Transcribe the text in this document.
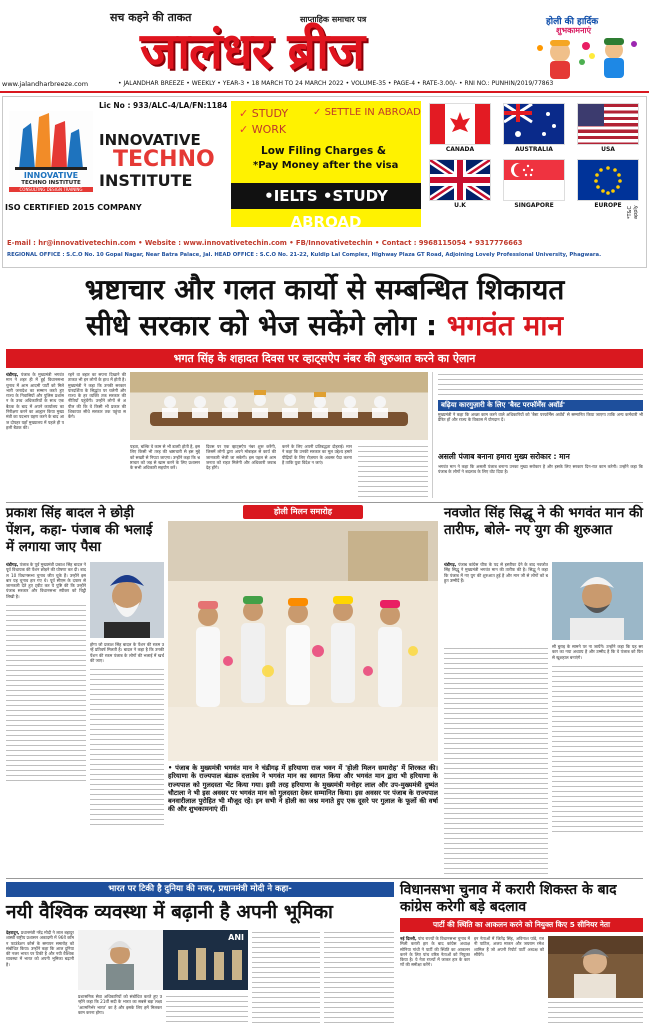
सच कहने की ताकत	साप्ताहिक समाचार पत्र
जालंधर ब्रीज	होली की हार्दिक
शुभकामनाएं
www.jalandharbreeze.com	• JALANDHAR BREEZE • WEEKLY • YEAR-3 • 18 MARCH TO 24 MARCH 2022 • VOLUME-35 • PAGE-4 • RATE-3.00/- • RNI NO.: PUNHIN/2019/77863
INNOVATIVE
TECHNO INSTITUTE
CONSULTING DESIGN TRAINING
Lic No : 933/ALC-4/LA/FN:1184
INNOVATIVE
TECHNO
INSTITUTE
ISO CERTIFIED 2015 COMPANY
✓ STUDY
✓ WORK
✓ SETTLE IN ABROAD
Low Filing Charges &
*Pay Money after the visa
•IELTS •STUDY ABROAD
CANADA	AUSTRALIA	USA
U.K	SINGAPORE	EUROPE
*T&C apply
E-mail : hr@innovativetechin.com • Website : www.innovativetechin.com • FB/Innovativetechin • Contact : 9968115054 • 9317776663
REGIONAL OFFICE : S.C.O No. 10 Gopal Nagar, Near Batra Palace, Jal. HEAD OFFICE : S.C.O No. 21-22, Kuldip Lal Complex, Highway Plaza GT Road, Adjoining Lovely Professional University, Phagwara.
भ्रष्टाचार और गलत कार्यो से सम्बन्धित शिकायत
सीधे सरकार को भेज सकेंगे लोग : भगवंत मान
भगत सिंह के शहादत दिवस पर व्हाट्सऐप नंबर की शुरुआत करने का ऐलान
चंडीगढ़, पंजाब के मुख्यमंत्री भगवंत मान ने शहर ही में हुई विधानसभा चुनाव में आम आदमी पार्टी को मिले भारी जनादेश का सम्मान करते हुए राज्य के निवासियों और पुलिस प्रशासन के उच्च अधिकारियों के साथ एक बैठक के बाद में अपने कार्यालय का निरीक्षण करने का आह्वान किया मुख्यमंत्री का पदभार ग्रहण करने के बाद आज दोपहर यहाँ मुख्यालय में पहले ही पहली बैठक की।
रहने वा बहार का सपना दिखाने की ताकत भी इन लोगों के हाथ में होती है। मुख्यमंत्री ने कहा कि उनकी सरकार पारदर्शिता के सिद्धांत पर चलेगी और राज्य के हर व्यक्ति तक सरकार की नीतियाँ पहुंचेंगी। उन्होंने लोगों से अपील की कि वे किसी भी प्रकार की शिकायत सीधे सरकार तक पहुंचा सकेंगे।
पड़ता, बल्कि वे काम से भी डाल्टी होती है, इसलिए किसी भी तरह की भ्रष्टाचारी से इस मुद्दे को सख्ती से निपटा जाएगा। उन्होंने कहा कि भ्रष्टाचार को जड़ से खत्म करने के लिए प्रशासन के सभी अधिकारी सहयोग करें।
दिवस पर एक व्हाट्सऐप नंबर शुरू करेंगी, जिसमें लोगों द्वारा अपने मोबाइल से कार्य की जानकारी भेजी जा सकेगी। इस पहल से आम जनता को राहत मिलेगी और अधिकारी जवाबदेह होंगे।
करने के लिए अपनी प्रतिबद्धता दोहराई। मान ने कहा कि उनकी सरकार का मूल उद्देश्य हमारे पीढ़ियों के लिए रोज़गार के अवसर पैदा करना है ताकि युवा विदेश न जाएं।
बढ़िया कारगुज़ारी के लिए 'बैस्ट परफॉर्मेंस अवॉर्ड'
मुख्यमंत्री ने कहा कि अच्छा काम करने वाले अधिकारियों को 'बैस्ट परफॉर्मेंस अवॉर्ड' से सम्मानित किया जाएगा ताकि अन्य कर्मचारी भी प्रेरित हों और राज्य के विकास में योगदान दें।
असली पंजाब बनाना हमारा मुख्य सरोकार : मान
भगवंत मान ने कहा कि असली पंजाब बनाना उनका मुख्य सरोकार है और इसके लिए सरकार दिन-रात काम करेगी। उन्होंने कहा कि पंजाब के लोगों ने बदलाव के लिए वोट दिया है।
प्रकाश सिंह बादल ने छोड़ी पेंशन, कहा- पंजाब की भलाई में लगाया जाए पैसा
चंडीगढ़, पंजाब के पूर्व मुख्यमंत्री प्रकाश सिंह बादल ने पूर्व विधायक की पेंशन छोड़ने की घोषणा कर दी। बादल 10 विधानसभा चुनाव जीत चुके हैं। उन्होंने इस बार यह चुनाव हार गए थे। पूर्व सीएम के दफ्तर से जानकारी देते हुए ट्वीट कर ये पुष्टि की कि उन्होंने पंजाब सरकार और विधानसभा स्पीकर को चिट्ठी लिखी है।
होगा जो प्रकाश सिंह बादल के पेंशन की रकम उन्हें प्रतिवर्ष मिलती है। बादल ने कहा है कि उनकी पेंशन की रकम पंजाब के लोगों की भलाई में खर्च की जाए।
होली मिलन समारोह
• पंजाब के मुख्यमंत्री भगवंत मान ने चंडीगढ़ में हरियाणा राज भवन में 'होली मिलन समारोह' में शिरकत की। हरियाणा के राज्यपाल बंडारू दत्तात्रेय ने भगवंत मान का स्वागत किया और भगवंत मान द्वारा भी हरियाणा के राज्यपाल को गुलदस्ता भेंट किया गया। इसी तरह हरियाणा के मुख्यमंत्री मनोहर लाल और उप-मुख्यमंत्री दुष्यंत चौटाला ने भी इस अवसर पर भगवंत मान को गुलदस्ता देकर सम्मानित किया। इस अवसर पर पंजाब के राज्यपाल बनवारीलाल पुरोहित भी मौजूद रहे। इन सभी ने होली का जश्न मनाते हुए एक दूसरे पर गुलाल के फूलों की वर्षा की और शुभकामनाएं दीं।
नवजोत सिंह सिद्धू ने की भगवंत मान की तारीफ, बोले- नए युग की शुरुआत
चंडीगढ़, पंजाब कांग्रेस चीफ के पद से इस्तीफा देने के बाद नवजोत सिंह सिद्धू ने मुख्यमंत्री भगवंत मान की तारीफ की है। सिद्धू ने कहा कि पंजाब में नए युग की शुरुआत हुई है और मान जी से लोगों को बहुत उम्मीदें हैं।
सी बुराइ के सामने पर ना जायेंगे। उन्होंने कहा कि यह सरकार का नया अध्याय है और उम्मीद है कि वे पंजाब को फिर से खुशहाल बनाएंगे।
भारत पर टिकी है दुनिया की नजर, प्रधानमंत्री मोदी ने कहा-
नयी वैश्विक व्यवस्था में बढ़ानी है अपनी भूमिका
देहरादून, प्रधानमंत्री नरेंद्र मोदी ने लाल बहादुर शास्त्री राष्ट्रीय प्रशासन अकादमी में 96वें कॉमन फाउंडेशन कोर्स के समापन समारोह को संबोधित किया। उन्होंने कहा कि आज दुनिया की नजर भारत पर टिकी है और नयी वैश्विक व्यवस्था में भारत को अपनी भूमिका बढ़ानी है।
ANI
प्रशासनिक सेवा अधिकारियों को संबोधित करते हुए उन्होंने कहा कि 21वीं सदी के भारत का सबसे बड़ा लक्ष्य 'आत्मनिर्भर भारत' का है और इसके लिए हमें मिलकर काम करना होगा।
विधानसभा चुनाव में करारी शिकस्त के बाद कांग्रेस करेगी बड़े बदलाव
पार्टी की स्थिति का आकलन करने को नियुक्त किए 5 सीनियर नेता
नई दिल्ली, पांच राज्यों के विधानसभा चुनाव में मिली करारी हार के बाद कांग्रेस अध्यक्ष सोनिया गांधी ने पार्टी की स्थिति का आकलन करने के लिए पांच वरिष्ठ नेताओं को नियुक्त किया है। ये नेता राज्यों में जाकर हार के कारणों की समीक्षा करेंगे।
इन नेताओं में जितेंद्र सिंह, अविनाश पांडे, रजनी पाटिल, अजय माकन और जयराम रमेश शामिल हैं जो अपनी रिपोर्ट पार्टी अध्यक्ष को सौंपेंगे।
